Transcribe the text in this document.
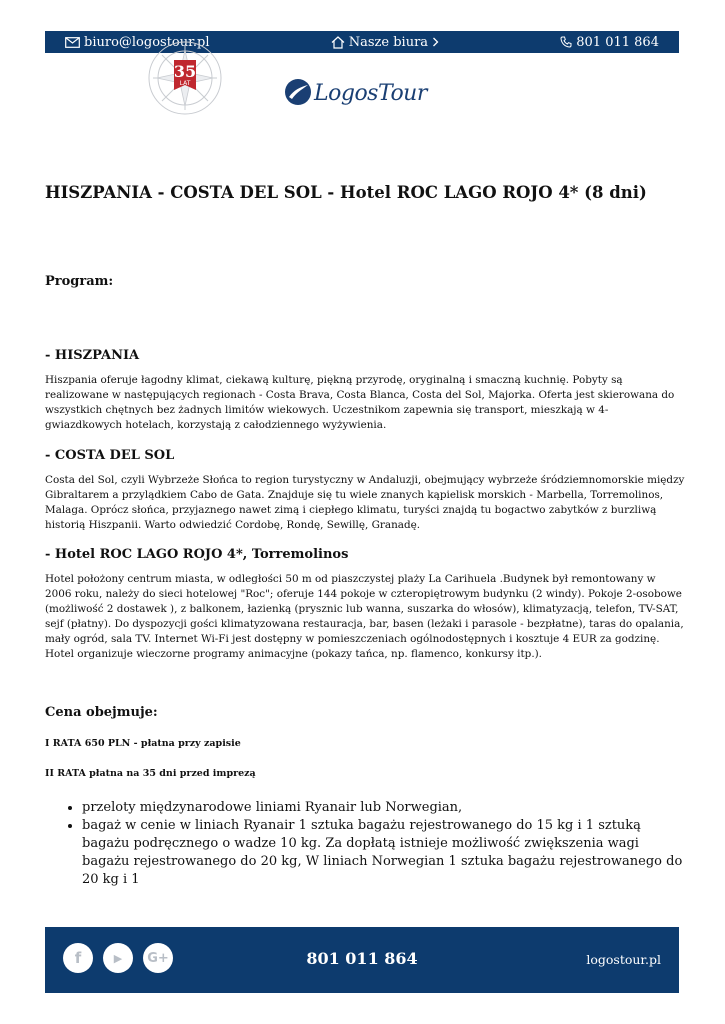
biuro@logostour.pl	Nasze biura	801 011 864
35
LAT	LogosTour
HISZPANIA - COSTA DEL SOL - Hotel ROC LAGO ROJO 4* (8 dni)
Program:
- HISZPANIA

Hiszpania oferuje łagodny klimat, ciekawą kulturę, piękną przyrodę, oryginalną i smaczną kuchnię. Pobyty są realizowane w następujących regionach - Costa Brava, Costa Blanca, Costa del Sol, Majorka. Oferta jest skierowana do wszystkich chętnych bez żadnych limitów wiekowych. Uczestnikom zapewnia się transport, mieszkają w 4-gwiazdkowych hotelach, korzystają z całodziennego wyżywienia.

- COSTA DEL SOL

Costa del Sol, czyli Wybrzeże Słońca to region turystyczny w Andaluzji, obejmujący wybrzeże śródziemnomorskie między Gibraltarem a przylądkiem Cabo de Gata. Znajduje się tu wiele znanych kąpielisk morskich - Marbella, Torremolinos, Malaga. Oprócz słońca, przyjaznego nawet zimą i ciepłego klimatu, turyści znajdą tu bogactwo zabytków z burzliwą historią Hiszpanii. Warto odwiedzić Cordobę, Rondę, Sewillę, Granadę.

- Hotel ROC LAGO ROJO 4*, Torremolinos

Hotel położony centrum miasta, w odległości 50 m od piaszczystej plaży La Carihuela .Budynek był remontowany w 2006 roku, należy do sieci hotelowej "Roc"; oferuje 144 pokoje w czteropiętrowym budynku (2 windy). Pokoje 2-osobowe (możliwość 2 dostawek ), z balkonem, łazienką (prysznic lub wanna, suszarka do włosów), klimatyzacją, telefon, TV-SAT, sejf (płatny). Do dyspozycji gości klimatyzowana restauracja, bar, basen (leżaki i parasole - bezpłatne), taras do opalania, mały ogród, sala TV. Internet Wi-Fi jest dostępny w pomieszczeniach ogólnodostępnych i kosztuje 4 EUR za godzinę. Hotel organizuje wieczorne programy animacyjne (pokazy tańca, np. flamenco, konkursy itp.).

Cena obejmuje:

I RATA 650 PLN - płatna przy zapisie

II RATA płatna na 35 dni przed imprezą

• przeloty międzynarodowe liniami Ryanair lub Norwegian,
• bagaż w cenie w liniach Ryanair 1 sztuka bagażu rejestrowanego do 15 kg i 1 sztuką bagażu podręcznego o wadze 10 kg. Za dopłatą istnieje możliwość zwiększenia wagi bagażu rejestrowanego do 20 kg, W liniach Norwegian 1 sztuka bagażu rejestrowanego do 20 kg i 1
f	▶ G+	801 011 864	logostour.pl
